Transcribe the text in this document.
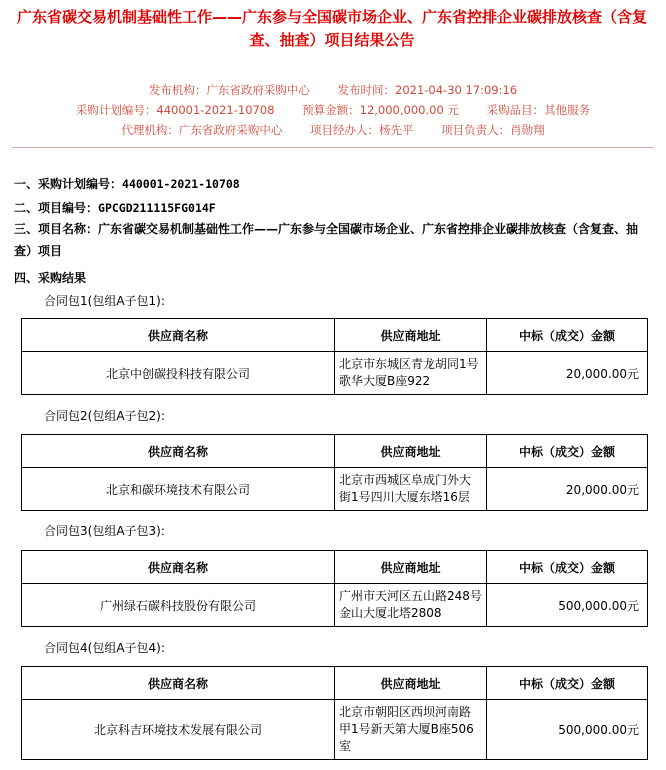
广东省碳交易机制基础性工作——广东参与全国碳市场企业、广东省控排企业碳排放核查（含复查、抽查）项目结果公告
发布机构：广东省政府采购中心 发布时间：2021-04-30 17:09:16
采购计划编号：440001-2021-10708 预算金额：12,000,000.00 元 采购品目：其他服务
代理机构：广东省政府采购中心 项目经办人：杨先平 项目负责人：肖勋翔
一、采购计划编号：440001-2021-10708
二、项目编号：GPCGD211115FG014F
三、项目名称：广东省碳交易机制基础性工作——广东参与全国碳市场企业、广东省控排企业碳排放核查（含复查、抽查）项目
四、采购结果
合同包1(包组A子包1):
供应商名称	供应商地址	中标（成交）金额
北京中创碳投科技有限公司	北京市东城区青龙胡同1号歌华大厦B座922	20,000.00元
合同包2(包组A子包2):
供应商名称	供应商地址	中标（成交）金额
北京和碳环境技术有限公司	北京市西城区阜成门外大街1号四川大厦东塔16层	20,000.00元
合同包3(包组A子包3):
供应商名称	供应商地址	中标（成交）金额
广州绿石碳科技股份有限公司	广州市天河区五山路248号金山大厦北塔2808	500,000.00元
合同包4(包组A子包4):
供应商名称	供应商地址	中标（成交）金额
北京科吉环境技术发展有限公司	北京市朝阳区西坝河南路甲1号新天第大厦B座506室	500,000.00元
